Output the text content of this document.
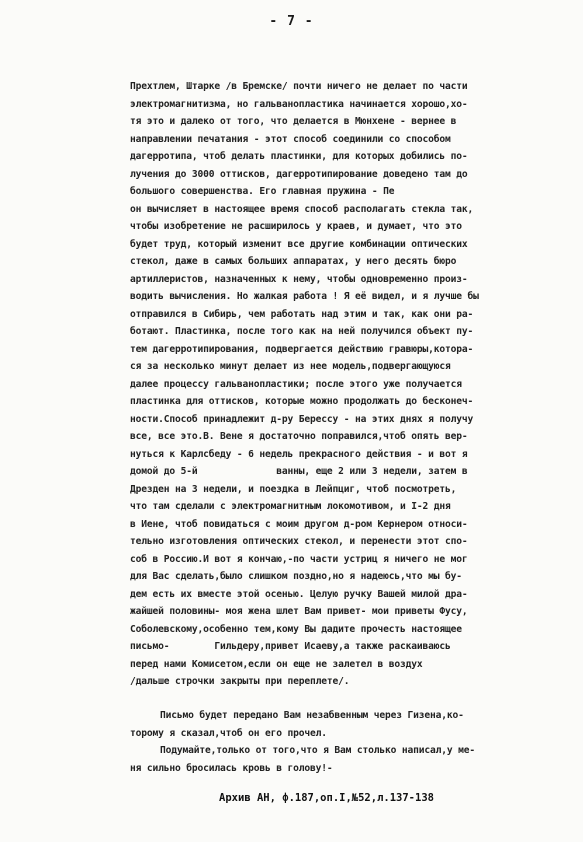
- 7 -
Прехтлем, Штарке /в Бремске/ почти ничего не делает по части
электромагнитизма, но гальванопластика начинается хорошо,хо-
тя это и далеко от того, что делается в Мюнхене - вернее в
направлении печатания - этот способ соединили со способом
дагерротипа, чтоб делать пластинки, для которых добились по-
лучения до 3000 оттисков, дагерротипирование доведено там до
большого совершенства. Его главная пружина - Пе
он вычисляет в настоящее время способ располагать стекла так,
чтобы изобретение не расширилось у краев, и думает, что это
будет труд, который изменит все другие комбинации оптических
стекол, даже в самых больших аппаратах, у него десять бюро
артиллеристов, назначенных к нему, чтобы одновременно произ-
водить вычисления. Но жалкая работа ! Я её видел, и я лучше бы
отправился в Сибирь, чем работать над этим и так, как они ра-
ботают. Пластинка, после того как на ней получился объект пу-
тем дагерротипирования, подвергается действию гравюры,котора-
ся за несколько минут делает из нее модель,подвергающуюся
далее процессу гальванопластики; после этого уже получается
пластинка для оттисков, которые можно продолжать до бесконеч-
ности.Способ принадлежит д-ру Берессу - на этих днях я получу
все, все это.В. Вене я достаточно поправился,чтоб опять вер-
нуться к Карлсбеду - 6 недель прекрасного действия - и вот я
домой до 5-й              ванны, еще 2 или 3 недели, затем в
Дрезден на 3 недели, и поездка в Лейпциг, чтоб посмотреть,
что там сделали с электромагнитным локомотивом, и I-2 дня
в Иене, чтоб повидаться с моим другом д-ром Кернером относи-
тельно изготовления оптических стекол, и перенести этот спо-
соб в Россию.И вот я кончаю,-по части устриц я ничего не мог
для Вас сделать,было слишком поздно,но я надеюсь,что мы бу-
дем есть их вместе этой осенью. Целую ручку Вашей милой дра-
жайшей половины- моя жена шлет Вам привет- мои приветы Фусу,
Соболевскому,особенно тем,кому Вы дадите прочесть настоящее
письмо-        Гильдеру,привет Исаеву,а также раскаиваюсь
перед нами Комисетом,если он еще не залетел в воздух
/дальше строчки закрыты при переплете/.
Письмо будет передано Вам незабвенным через Гизена,ко-
торому я сказал,чтоб он его прочел.
Подумайте,только от того,что я Вам столько написал,у ме-
ня сильно бросилась кровь в голову!-
Архив АН, ф.187,оп.I,№52,л.137-138
